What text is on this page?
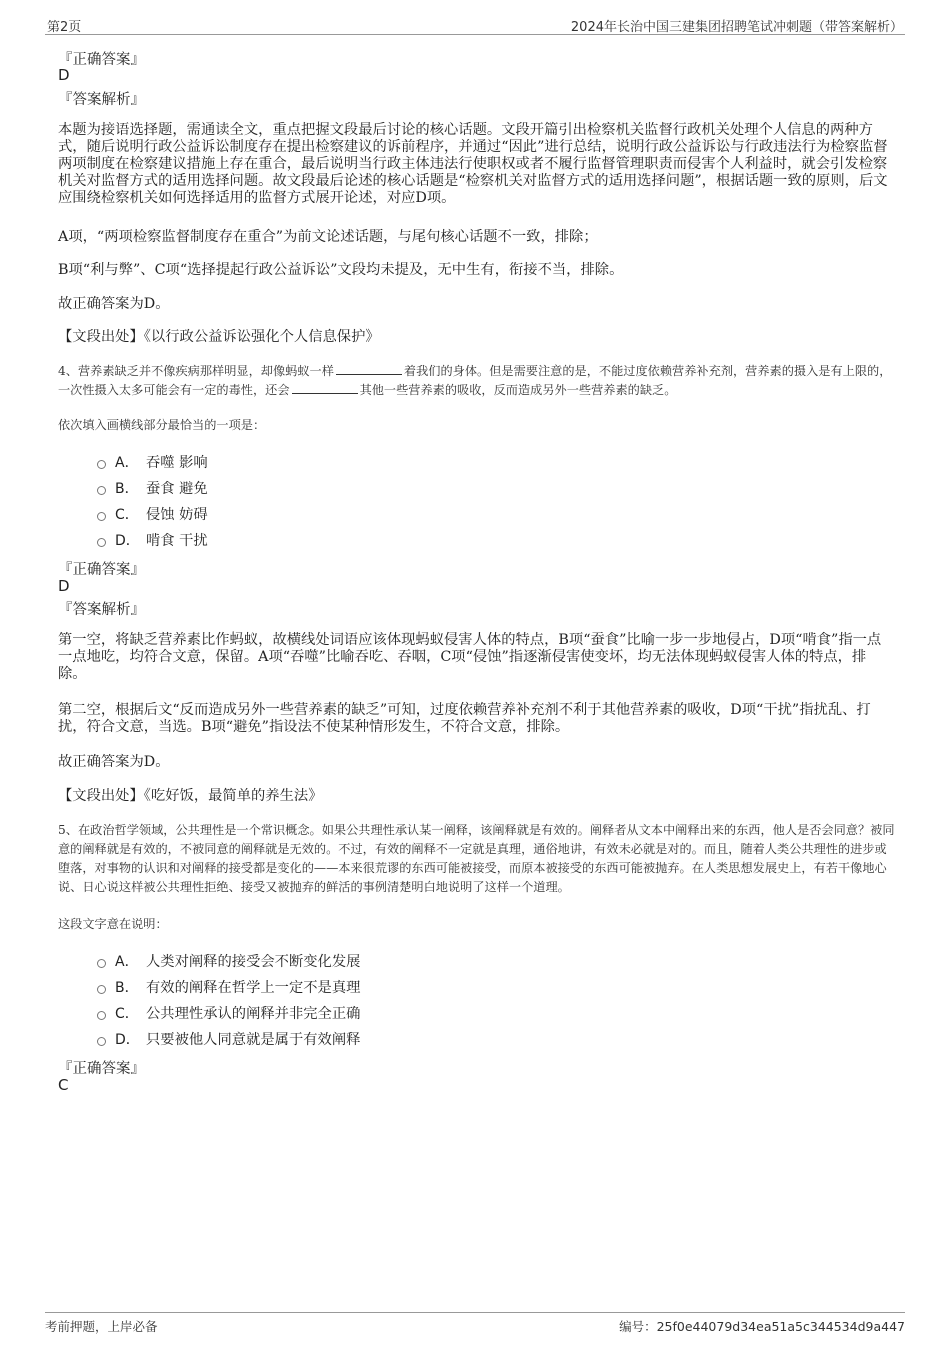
第2页	2024年长治中国三建集团招聘笔试冲刺题（带答案解析）
『正确答案』
D
『答案解析』
本题为接语选择题，需通读全文，重点把握文段最后讨论的核心话题。文段开篇引出检察机关监督行政机关处理个人信息的两种方式，随后说明行政公益诉讼制度存在提出检察建议的诉前程序，并通过“因此”进行总结，说明行政公益诉讼与行政违法行为检察监督两项制度在检察建议措施上存在重合，最后说明当行政主体违法行使职权或者不履行监督管理职责而侵害个人利益时，就会引发检察机关对监督方式的适用选择问题。故文段最后论述的核心话题是“检察机关对监督方式的适用选择问题”，根据话题一致的原则，后文应围绕检察机关如何选择适用的监督方式展开论述，对应D项。
A项，“两项检察监督制度存在重合”为前文论述话题，与尾句核心话题不一致，排除；
B项“利与弊”、C项“选择提起行政公益诉讼”文段均未提及，无中生有，衔接不当，排除。
故正确答案为D。
【文段出处】《以行政公益诉讼强化个人信息保护》
4、营养素缺乏并不像疾病那样明显，却像蚂蚁一样	着我们的身体。但是需要注意的是，不能过度依赖营养补充剂，营养素的摄入是有上限的，一次性摄入太多可能会有一定的毒性，还会	其他一些营养素的吸收，反而造成另外一些营养素的缺乏。
依次填入画横线部分最恰当的一项是：
A． 吞噬 影响
B． 蚕食 避免
C． 侵蚀 妨碍
D． 啃食 干扰
『正确答案』
D
『答案解析』
第一空，将缺乏营养素比作蚂蚁，故横线处词语应该体现蚂蚁侵害人体的特点，B项“蚕食”比喻一步一步地侵占，D项“啃食”指一点一点地吃，均符合文意，保留。A项“吞噬”比喻吞吃、吞咽，C项“侵蚀”指逐渐侵害使变坏，均无法体现蚂蚁侵害人体的特点，排除。
第二空，根据后文“反而造成另外一些营养素的缺乏”可知，过度依赖营养补充剂不利于其他营养素的吸收，D项“干扰”指扰乱、打扰，符合文意，当选。B项“避免”指设法不使某种情形发生，不符合文意，排除。
故正确答案为D。
【文段出处】《吃好饭，最简单的养生法》
5、在政治哲学领域，公共理性是一个常识概念。如果公共理性承认某一阐释，该阐释就是有效的。阐释者从文本中阐释出来的东西，他人是否会同意？被同意的阐释就是有效的，不被同意的阐释就是无效的。不过，有效的阐释不一定就是真理，通俗地讲，有效未必就是对的。而且，随着人类公共理性的进步或堕落，对事物的认识和对阐释的接受都是变化的——本来很荒谬的东西可能被接受，而原本被接受的东西可能被抛弃。在人类思想发展史上，有若干像地心说、日心说这样被公共理性拒绝、接受又被抛弃的鲜活的事例清楚明白地说明了这样一个道理。
这段文字意在说明：
A． 人类对阐释的接受会不断变化发展
B． 有效的阐释在哲学上一定不是真理
C． 公共理性承认的阐释并非完全正确
D． 只要被他人同意就是属于有效阐释
『正确答案』
C
考前押题，上岸必备	编号：25f0e44079d34ea51a5c344534d9a447
